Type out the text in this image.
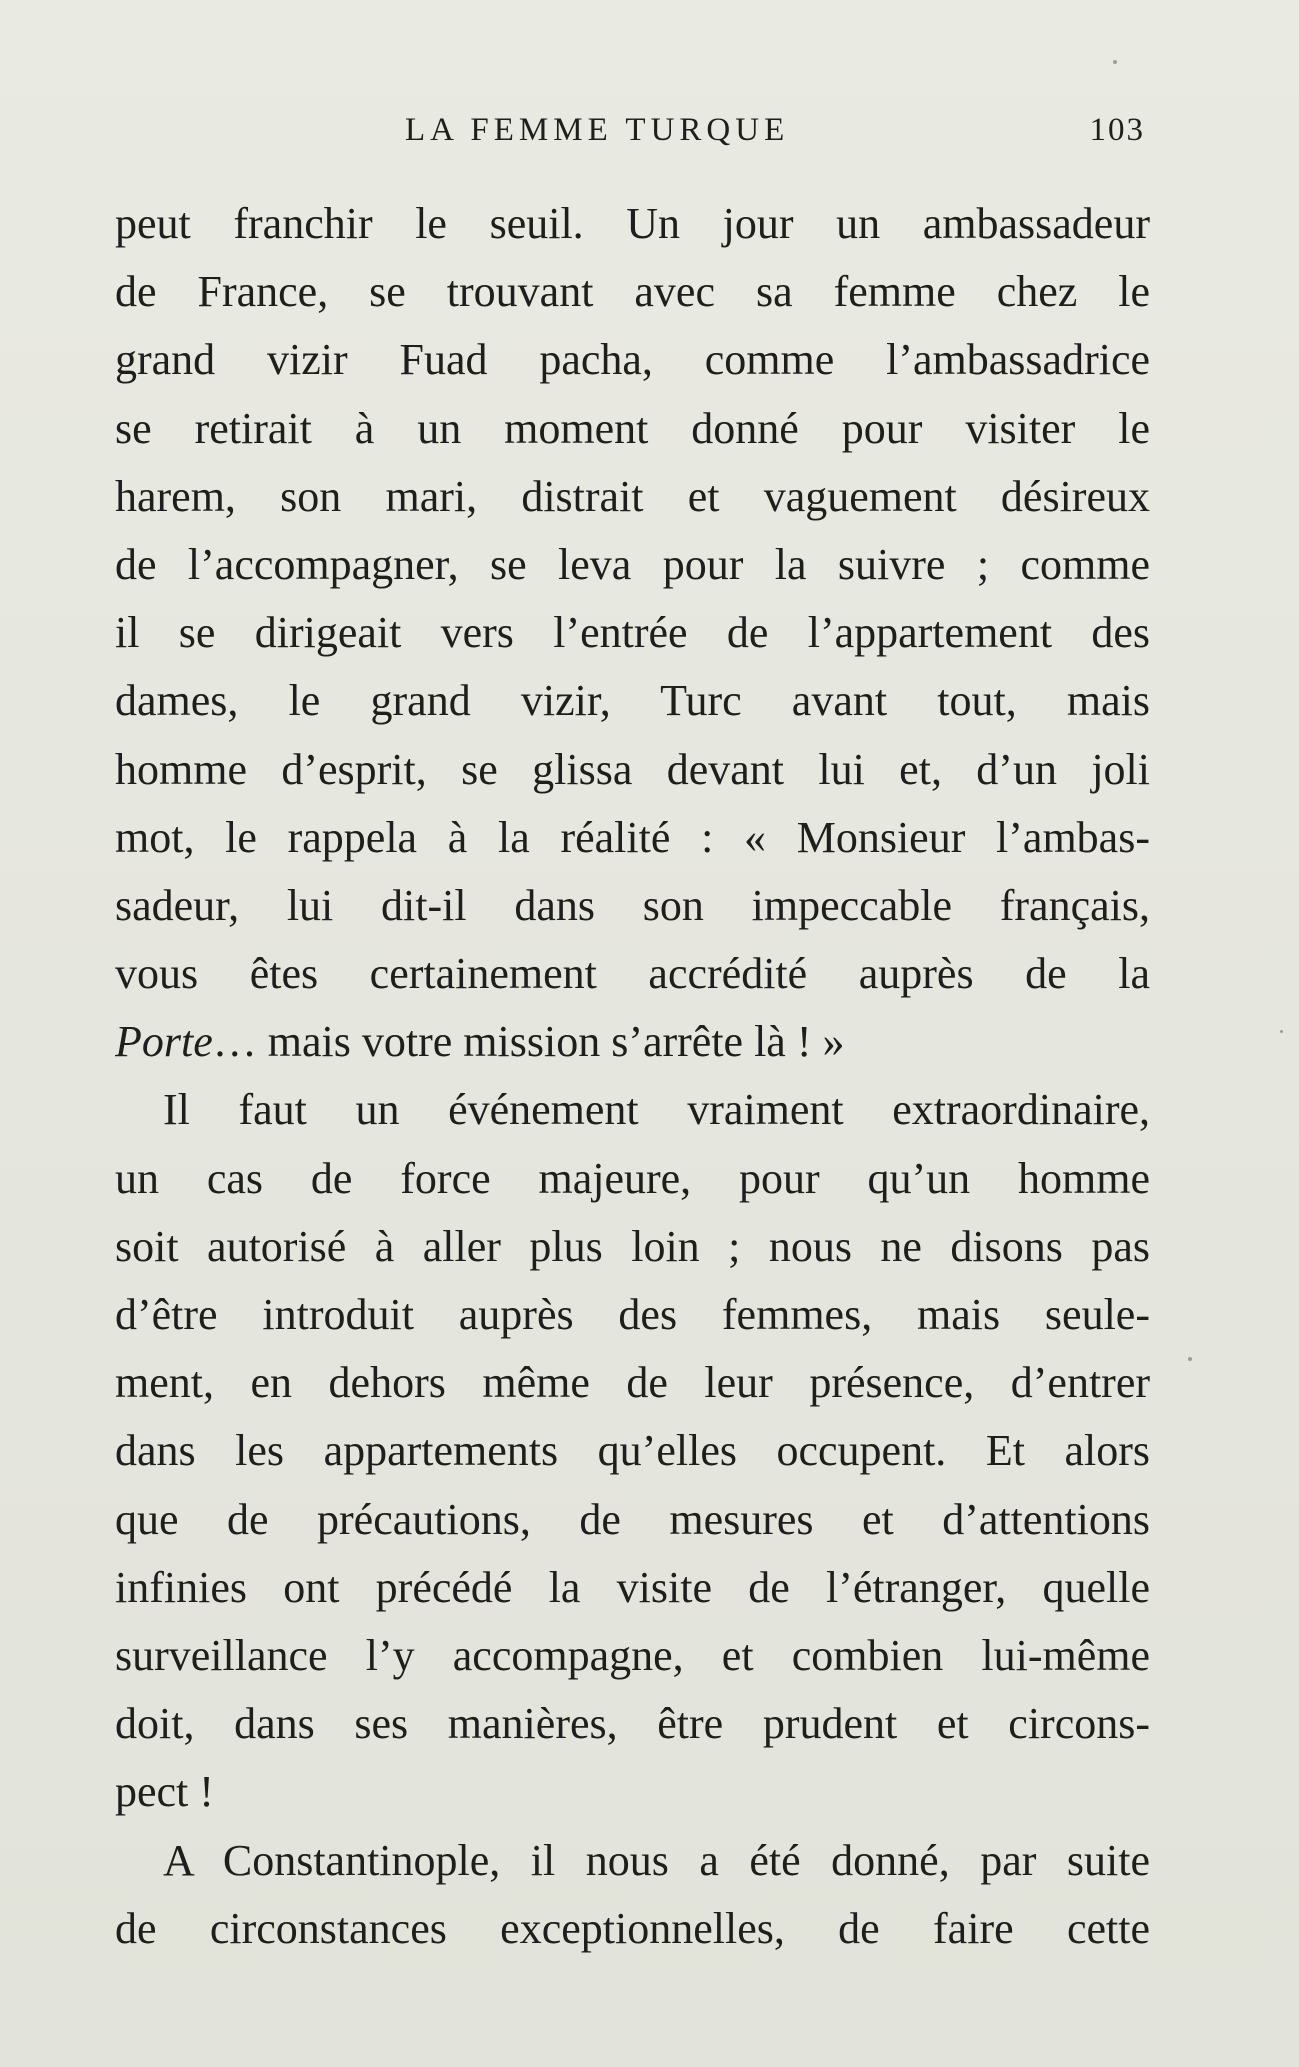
LA FEMME TURQUE	103
peut franchir le seuil. Un jour un ambassadeur
de France, se trouvant avec sa femme chez le
grand vizir Fuad pacha, comme l’ambassadrice
se retirait à un moment donné pour visiter le
harem, son mari, distrait et vaguement désireux
de l’accompagner, se leva pour la suivre ; comme
il se dirigeait vers l’entrée de l’appartement des
dames, le grand vizir, Turc avant tout, mais
homme d’esprit, se glissa devant lui et, d’un joli
mot, le rappela à la réalité : « Monsieur l’ambas-
sadeur, lui dit-il dans son impeccable français,
vous êtes certainement accrédité auprès de la
Porte… mais votre mission s’arrête là ! »
Il faut un événement vraiment extraordinaire,
un cas de force majeure, pour qu’un homme
soit autorisé à aller plus loin ; nous ne disons pas
d’être introduit auprès des femmes, mais seule-
ment, en dehors même de leur présence, d’entrer
dans les appartements qu’elles occupent. Et alors
que de précautions, de mesures et d’attentions
infinies ont précédé la visite de l’étranger, quelle
surveillance l’y accompagne, et combien lui-même
doit, dans ses manières, être prudent et circons-
pect !
A Constantinople, il nous a été donné, par suite
de circonstances exceptionnelles, de faire cette
